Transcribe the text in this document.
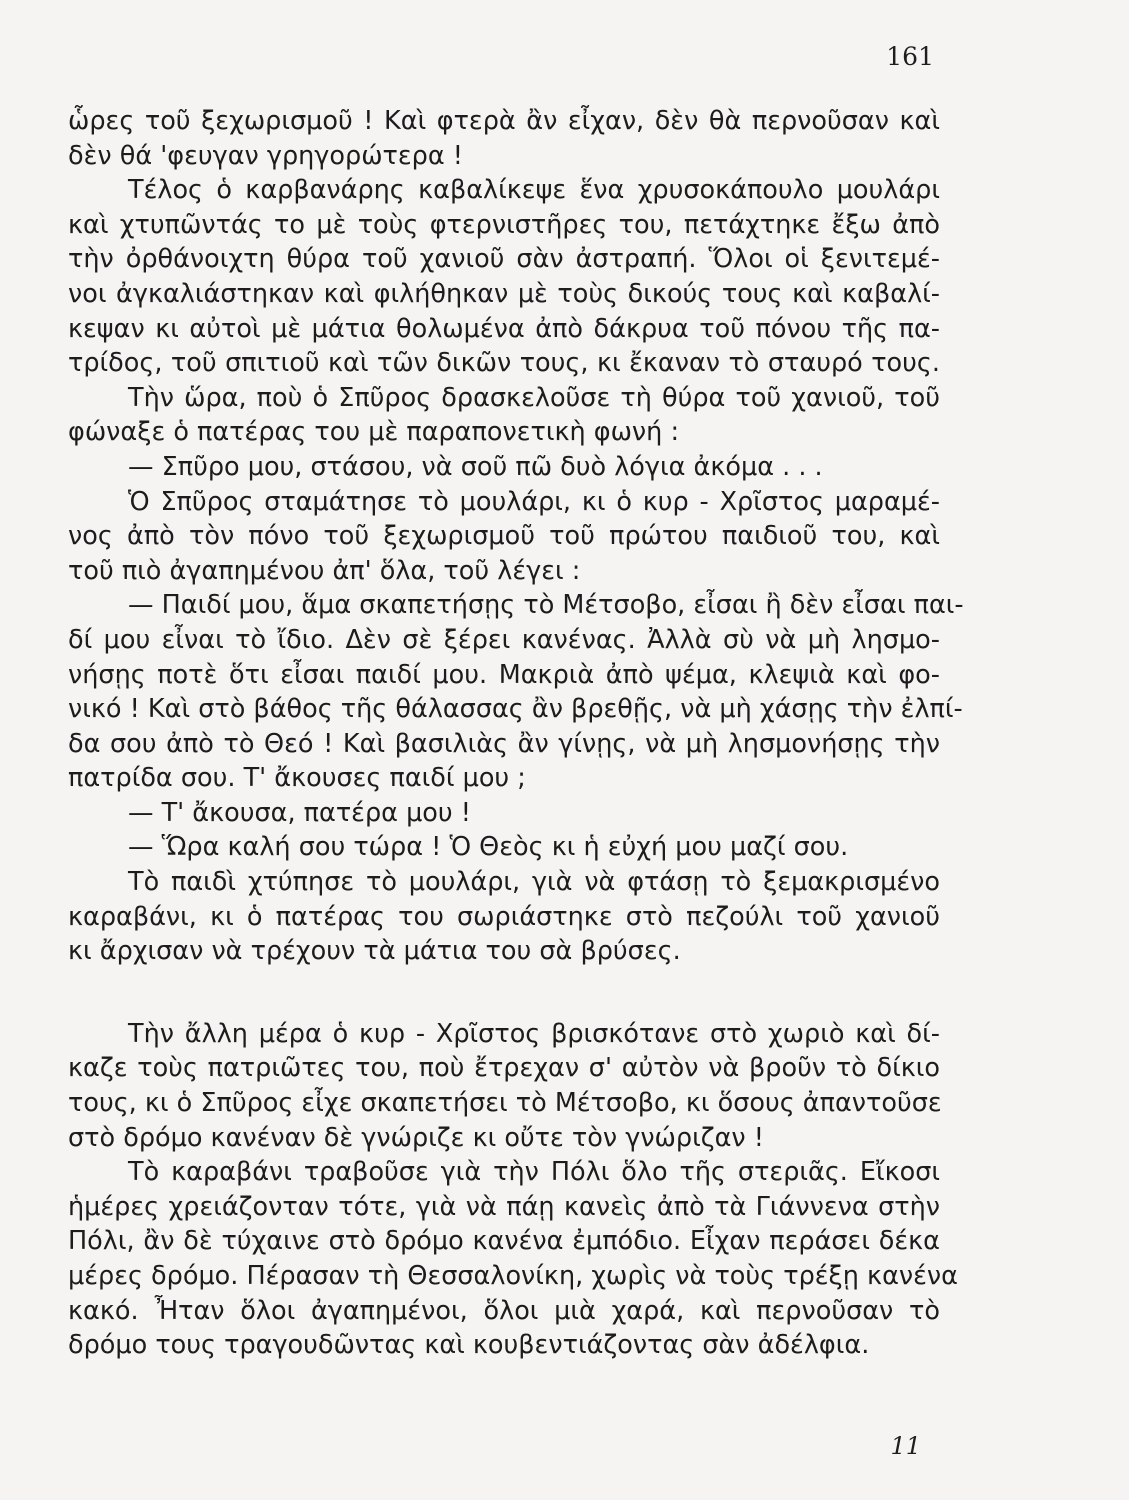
161
ὧρες τοῦ ξεχωρισμοῦ ! Καὶ φτερὰ ἂν εἶχαν, δὲν θὰ περνοῦσαν καὶ
δὲν θά 'φευγαν γρηγορώτερα !
Τέλος ὁ καρβανάρης καβαλίκεψε ἕνα χρυσοκάπουλο μουλάρι
καὶ χτυπῶντάς το μὲ τοὺς φτερνιστῆρες του, πετάχτηκε ἔξω ἀπὸ
τὴν ὀρθάνοιχτη θύρα τοῦ χανιοῦ σὰν ἀστραπή. Ὅλοι οἱ ξενιτεμέ-
νοι ἀγκαλιάστηκαν καὶ φιλήθηκαν μὲ τοὺς δικούς τους καὶ καβαλί-
κεψαν κι αὐτοὶ μὲ μάτια θολωμένα ἀπὸ δάκρυα τοῦ πόνου τῆς πα-
τρίδος, τοῦ σπιτιοῦ καὶ τῶν δικῶν τους, κι ἔκαναν τὸ σταυρό τους.
Τὴν ὥρα, ποὺ ὁ Σπῦρος δρασκελοῦσε τὴ θύρα τοῦ χανιοῦ, τοῦ
φώναξε ὁ πατέρας του μὲ παραπονετικὴ φωνή :
— Σπῦρο μου, στάσου, νὰ σοῦ πῶ δυὸ λόγια ἀκόμα . . .
Ὁ Σπῦρος σταμάτησε τὸ μουλάρι, κι ὁ κυρ - Χρῖστος μαραμέ-
νος ἀπὸ τὸν πόνο τοῦ ξεχωρισμοῦ τοῦ πρώτου παιδιοῦ του, καὶ
τοῦ πιὸ ἀγαπημένου ἀπ' ὅλα, τοῦ λέγει :
— Παιδί μου, ἅμα σκαπετήσῃς τὸ Μέτσοβο, εἶσαι ἢ δὲν εἶσαι παι-
δί μου εἶναι τὸ ἴδιο. Δὲν σὲ ξέρει κανένας. Ἀλλὰ σὺ νὰ μὴ λησμο-
νήσῃς ποτὲ ὅτι εἶσαι παιδί μου. Μακριὰ ἀπὸ ψέμα, κλεψιὰ καὶ φο-
νικό ! Καὶ στὸ βάθος τῆς θάλασσας ἂν βρεθῇς, νὰ μὴ χάσῃς τὴν ἐλπί-
δα σου ἀπὸ τὸ Θεό ! Καὶ βασιλιὰς ἂν γίνῃς, νὰ μὴ λησμονήσῃς τὴν
πατρίδα σου. Τ' ἄκουσες παιδί μου ;
— Τ' ἄκουσα, πατέρα μου !
— Ὥρα καλή σου τώρα ! Ὁ Θεὸς κι ἡ εὐχή μου μαζί σου.
Τὸ παιδὶ χτύπησε τὸ μουλάρι, γιὰ νὰ φτάσῃ τὸ ξεμακρισμένο
καραβάνι, κι ὁ πατέρας του σωριάστηκε στὸ πεζούλι τοῦ χανιοῦ
κι ἄρχισαν νὰ τρέχουν τὰ μάτια του σὰ βρύσες.
Τὴν ἄλλη μέρα ὁ κυρ - Χρῖστος βρισκότανε στὸ χωριὸ καὶ δί-
καζε τοὺς πατριῶτες του, ποὺ ἔτρεχαν σ' αὐτὸν νὰ βροῦν τὸ δίκιο
τους, κι ὁ Σπῦρος εἶχε σκαπετήσει τὸ Μέτσοβο, κι ὅσους ἀπαντοῦσε
στὸ δρόμο κανέναν δὲ γνώριζε κι οὔτε τὸν γνώριζαν !
Τὸ καραβάνι τραβοῦσε γιὰ τὴν Πόλι ὅλο τῆς στεριᾶς. Εἴκοσι
ἡμέρες χρειάζονταν τότε, γιὰ νὰ πάῃ κανεὶς ἀπὸ τὰ Γιάννενα στὴν
Πόλι, ἂν δὲ τύχαινε στὸ δρόμο κανένα ἐμπόδιο. Εἶχαν περάσει δέκα
μέρες δρόμο. Πέρασαν τὴ Θεσσαλονίκη, χωρὶς νὰ τοὺς τρέξῃ κανένα
κακό. Ἦταν ὅλοι ἀγαπημένοι, ὅλοι μιὰ χαρά, καὶ περνοῦσαν τὸ
δρόμο τους τραγουδῶντας καὶ κουβεντιάζοντας σὰν ἀδέλφια.
11
